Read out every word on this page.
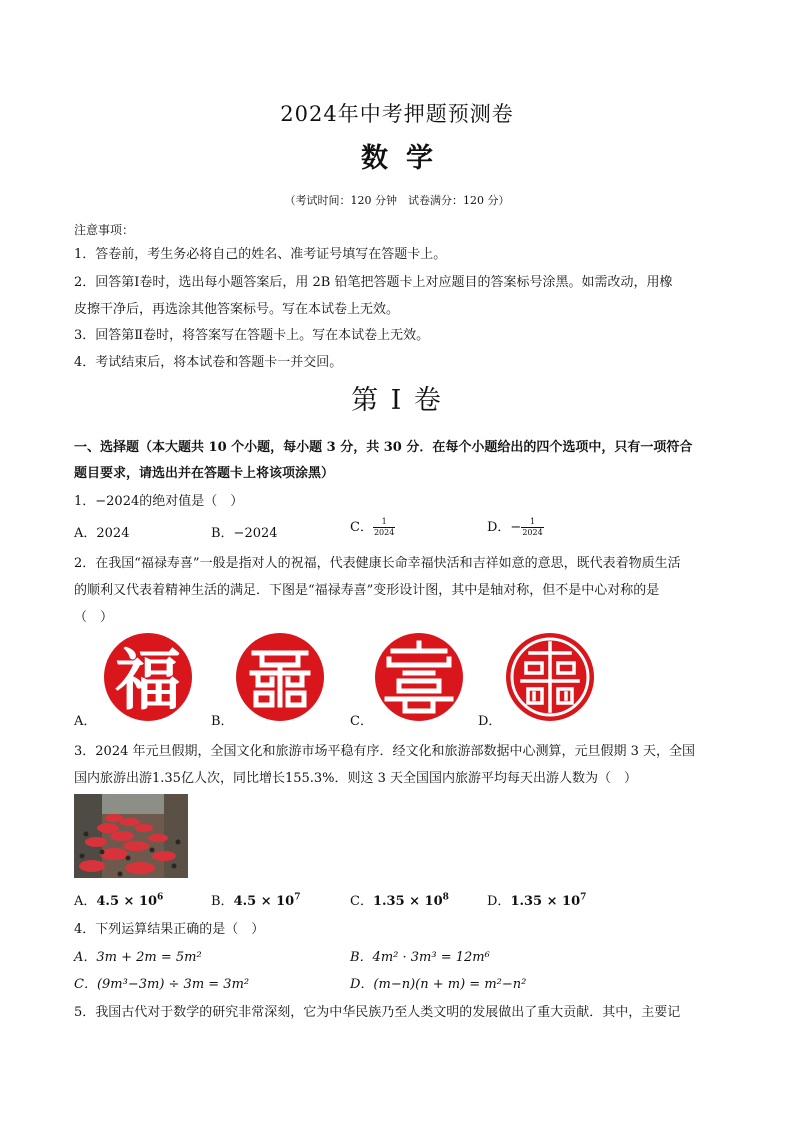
2024年中考押题预测卷
数学
（考试时间：120 分钟　试卷满分：120 分）
注意事项：
1．答卷前，考生务必将自己的姓名、准考证号填写在答题卡上。
2．回答第Ⅰ卷时，选出每小题答案后，用 2B 铅笔把答题卡上对应题目的答案标号涂黑。如需改动，用橡
皮擦干净后，再选涂其他答案标号。写在本试卷上无效。
3．回答第Ⅱ卷时，将答案写在答题卡上。写在本试卷上无效。
4．考试结束后，将本试卷和答题卡一并交回。
第 I 卷
一、选择题（本大题共 10 个小题，每小题 3 分，共 30 分．在每个小题给出的四个选项中，只有一项符合
题目要求，请选出并在答题卡上将该项涂黑）
1．−2024的绝对值是（　）
A．2024	B．−2024	C． $\frac{1}{2024}$	D．− $\frac{1}{2024}$
2．在我国“福禄寿喜”一般是指对人的祝福，代表健康长命幸福快活和吉祥如意的意思，既代表着物质生活
的顺利又代表着精神生活的满足．下图是“福禄寿喜”变形设计图，其中是轴对称，但不是中心对称的是
（　）
福
A．	B．	C．	D．
3．2024 年元旦假期，全国文化和旅游市场平稳有序．经文化和旅游部数据中心测算，元旦假期 3 天，全国
国内旅游出游1.35亿人次，同比增长155.3%．则这 3 天全国国内旅游平均每天出游人数为（　）
A．$4.5 \times 10^6$	B．$4.5 \times 10^7$	C．$1.35 \times 10^8$	D．$1.35 \times 10^7$
4．下列运算结果正确的是（　）
A．3m + 2m = 5m²	B．4m² · 3m³ = 12m⁶
C．(9m³−3m) ÷ 3m = 3m²	D．(m−n)(n + m) = m²−n²
5．我国古代对于数学的研究非常深刻，它为中华民族乃至人类文明的发展做出了重大贡献．其中，主要记
